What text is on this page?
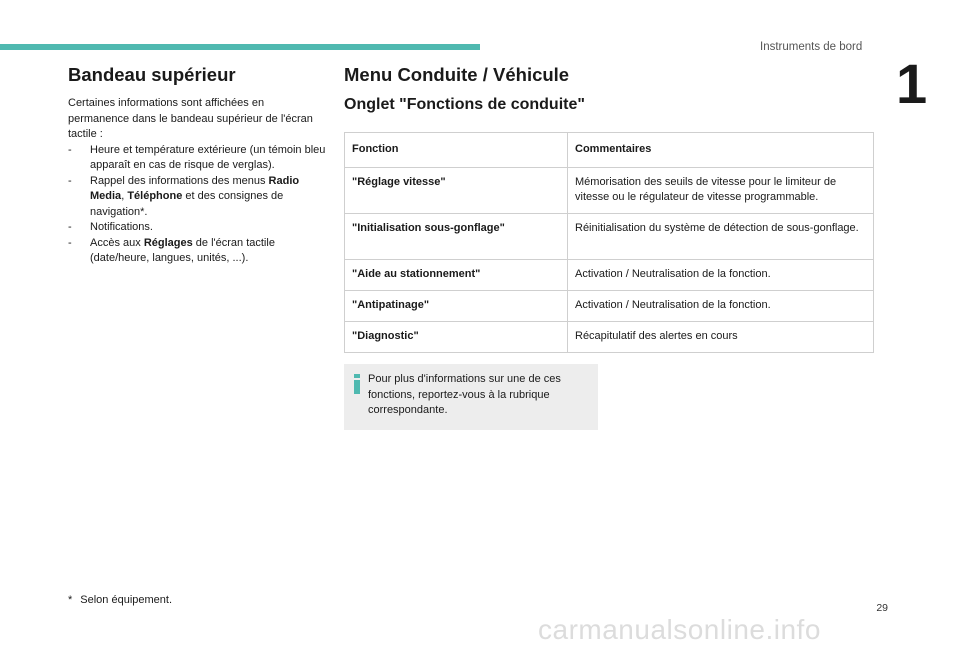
Instruments de bord
1
Bandeau supérieur

Certaines informations sont affichées en permanence dans le bandeau supérieur de l'écran tactile :

-	Heure et température extérieure (un témoin bleu apparaît en cas de risque de verglas).
-	Rappel des informations des menus Radio Media, Téléphone et des consignes de navigation*.
-	Notifications.
-	Accès aux Réglages de l'écran tactile (date/heure, langues, unités, ...).
Menu Conduite / Véhicule
Onglet "Fonctions de conduite"
Fonction	Commentaires
"Réglage vitesse"	Mémorisation des seuils de vitesse pour le limiteur de vitesse ou le régulateur de vitesse programmable.
"Initialisation sous-gonflage"	Réinitialisation du système de détection de sous-gonflage.
"Aide au stationnement"	Activation / Neutralisation de la fonction.
"Antipatinage"	Activation / Neutralisation de la fonction.
"Diagnostic"	Récapitulatif des alertes en cours
Pour plus d'informations sur une de ces fonctions, reportez-vous à la rubrique correspondante.
* Selon équipement.
29
carmanualsonline.info
